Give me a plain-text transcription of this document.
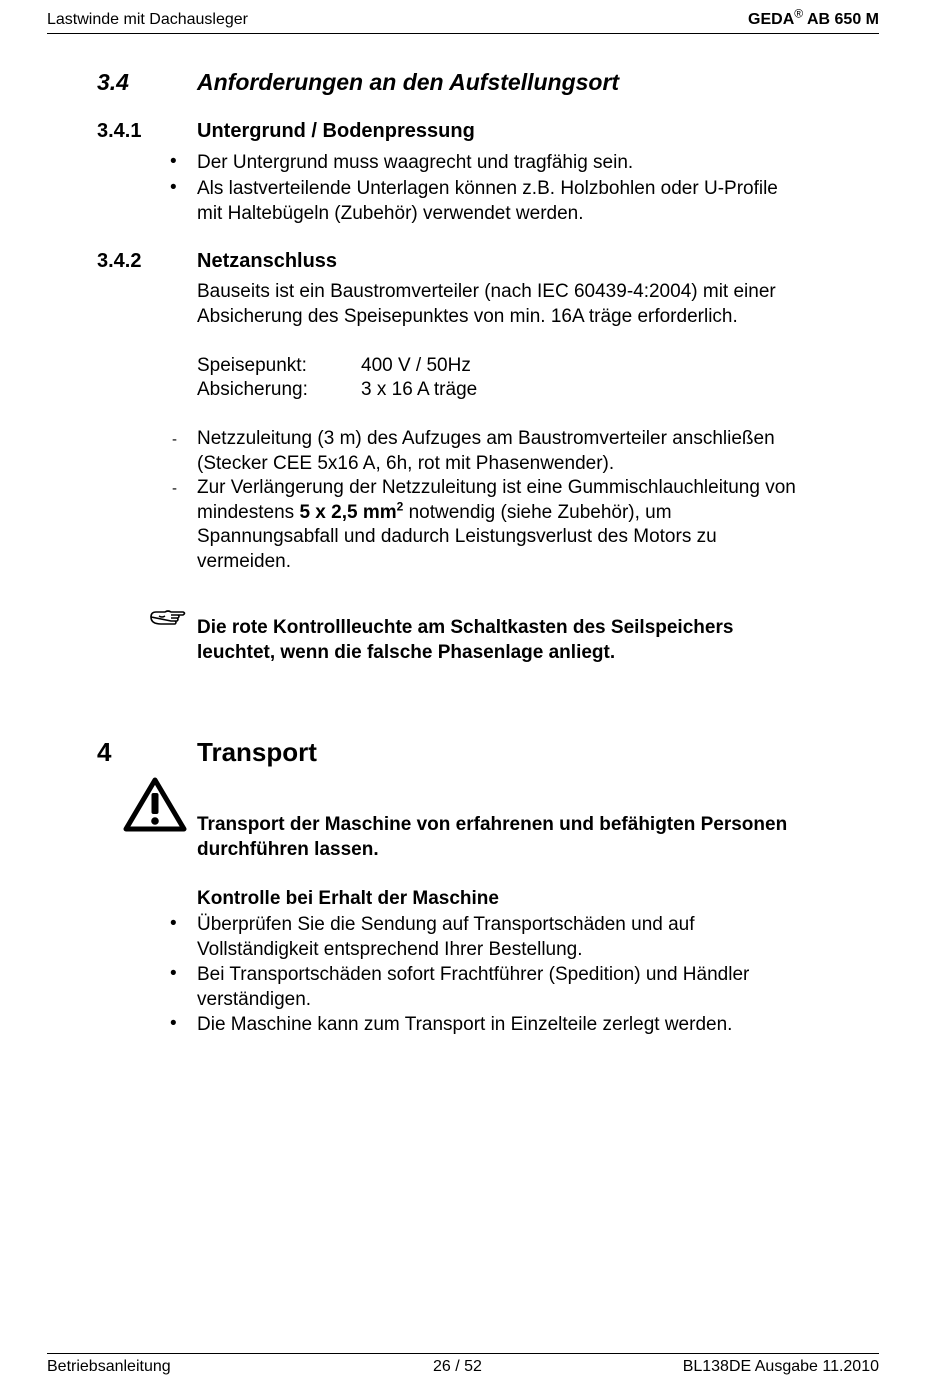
Lastwinde mit Dachausleger	GEDA® AB 650 M
3.4	Anforderungen an den Aufstellungsort
3.4.1	Untergrund / Bodenpressung
• Der Untergrund muss waagrecht und tragfähig sein.
• Als lastverteilende Unterlagen können z.B. Holzbohlen oder U-Profile
mit Haltebügeln (Zubehör) verwendet werden.
3.4.2	Netzanschluss
Bauseits ist ein Baustromverteiler (nach IEC 60439-4:2004) mit einer
Absicherung des Speisepunktes von min. 16A träge erforderlich.
Speisepunkt:	400 V / 50Hz
Absicherung:	3 x 16 A träge
- Netzzuleitung (3 m) des Aufzuges am Baustromverteiler anschließen
(Stecker CEE 5x16 A, 6h, rot mit Phasenwender).
- Zur Verlängerung der Netzzuleitung ist eine Gummischlauchleitung von
mindestens 5 x 2,5 $mm^2$ notwendig (siehe Zubehör), um
Spannungsabfall und dadurch Leistungsverlust des Motors zu
vermeiden.
Die rote Kontrollleuchte am Schaltkasten des Seilspeichers
leuchtet, wenn die falsche Phasenlage anliegt.
4	Transport
Transport der Maschine von erfahrenen und befähigten Personen
durchführen lassen.
Kontrolle bei Erhalt der Maschine
• Überprüfen Sie die Sendung auf Transportschäden und auf
Vollständigkeit entsprechend Ihrer Bestellung.
• Bei Transportschäden sofort Frachtführer (Spedition) und Händler
verständigen.
• Die Maschine kann zum Transport in Einzelteile zerlegt werden.
Betriebsanleitung	26 / 52	BL138DE Ausgabe 11.2010
